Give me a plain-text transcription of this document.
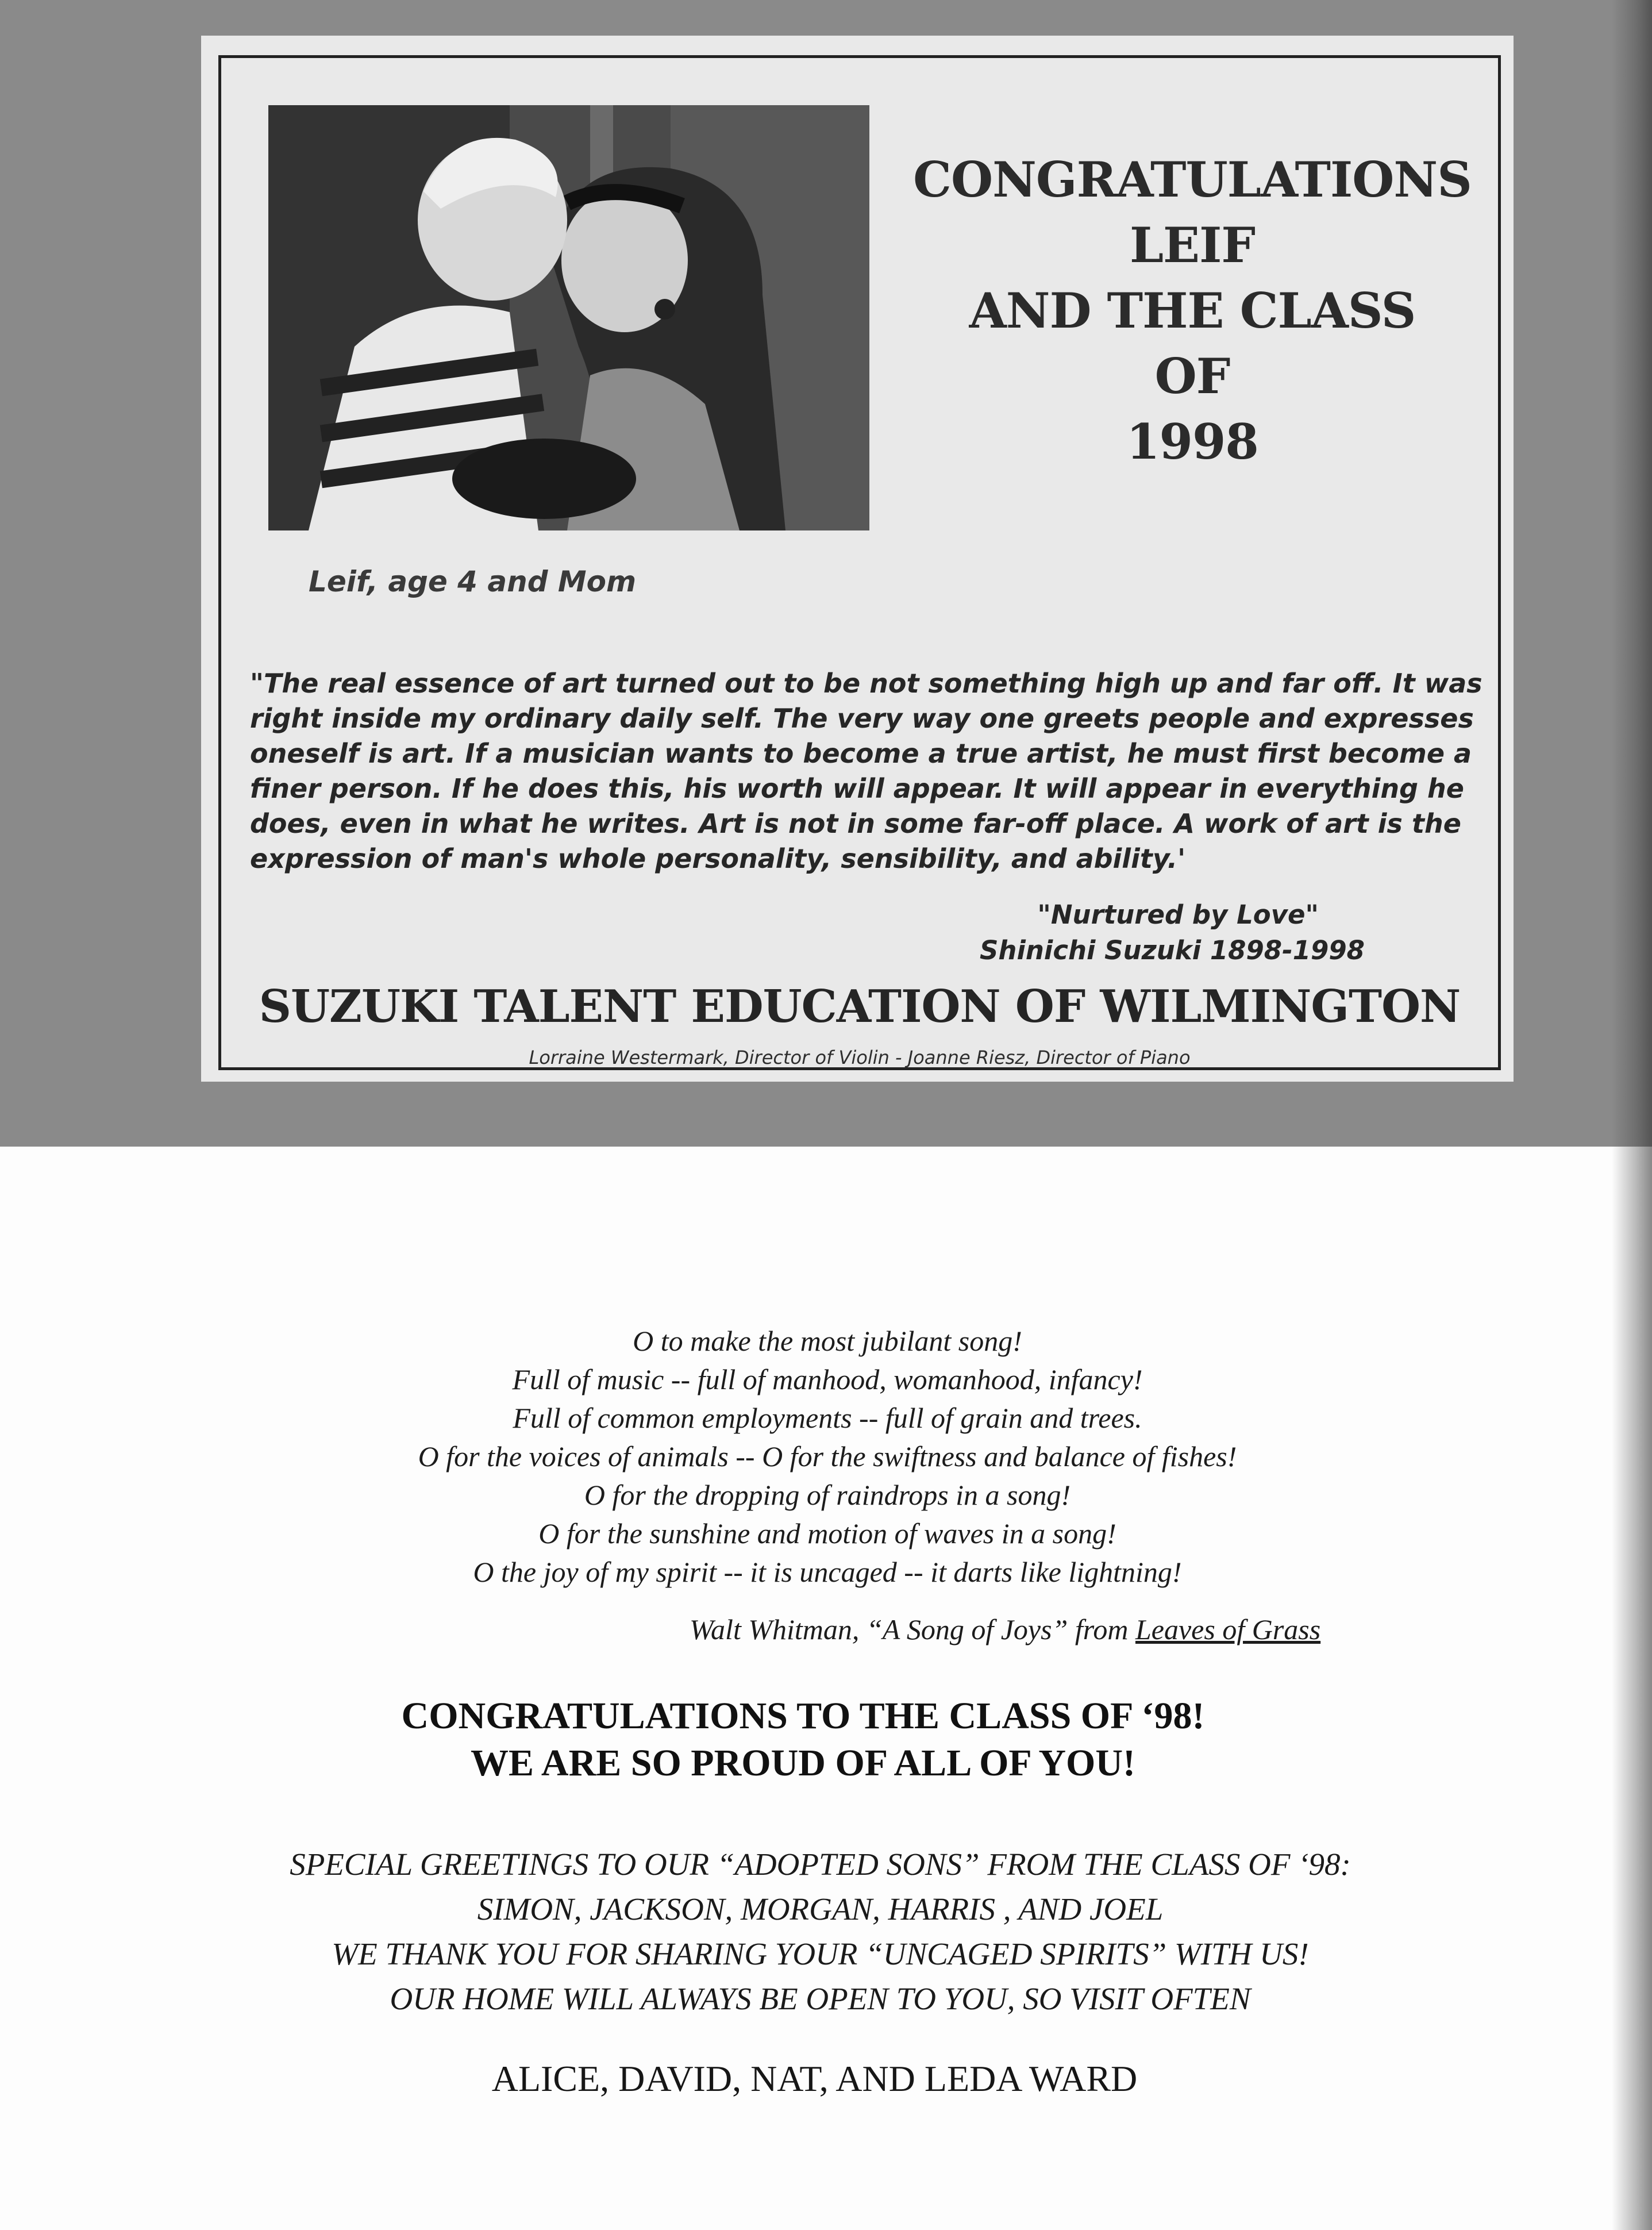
CONGRATULATIONS
LEIF
AND THE CLASS
OF
1998
Leif, age 4 and Mom
"The real essence of art turned out to be not something high up and far off. It was
right inside my ordinary daily self. The very way one greets people and expresses
oneself is art. If a musician wants to become a true artist, he must first become a
finer person. If he does this, his worth will appear. It will appear in everything he
does, even in what he writes. Art is not in some far-off place. A work of art is the
expression of man's whole personality, sensibility, and ability.'
"Nurtured by Love"
Shinichi Suzuki 1898-1998
SUZUKI TALENT EDUCATION OF WILMINGTON
Lorraine Westermark, Director of Violin - Joanne Riesz, Director of Piano
O to make the most jubilant song!
Full of music -- full of manhood, womanhood, infancy!
Full of common employments -- full of grain and trees.
O for the voices of animals -- O for the swiftness and balance of fishes!
O for the dropping of raindrops in a song!
O for the sunshine and motion of waves in a song!
O the joy of my spirit -- it is uncaged -- it darts like lightning!
Walt Whitman, “A Song of Joys” from Leaves of Grass
CONGRATULATIONS TO THE CLASS OF ‘98!
WE ARE SO PROUD OF ALL OF YOU!
SPECIAL GREETINGS TO OUR “ADOPTED SONS” FROM THE CLASS OF ‘98:
SIMON, JACKSON, MORGAN, HARRIS , AND JOEL
WE THANK YOU FOR SHARING YOUR “UNCAGED SPIRITS” WITH US!
OUR HOME WILL ALWAYS BE OPEN TO YOU, SO VISIT OFTEN
ALICE, DAVID, NAT, AND LEDA WARD
